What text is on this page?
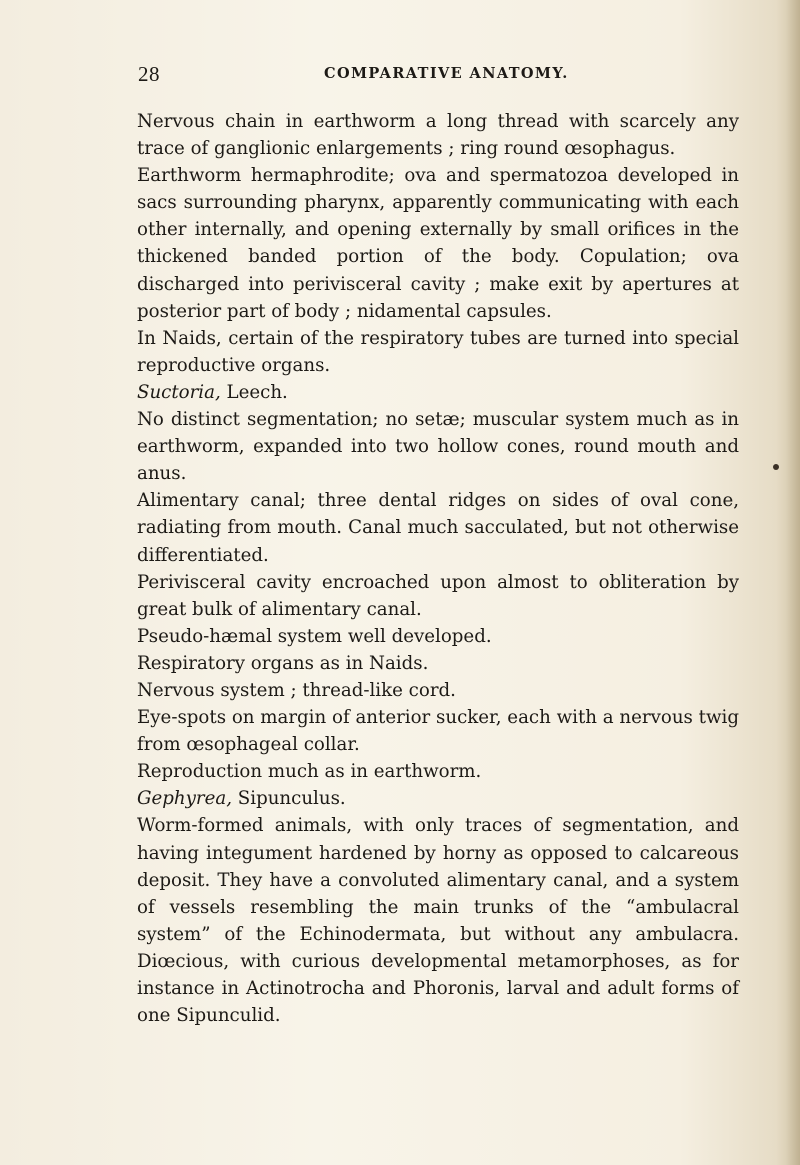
28	COMPARATIVE ANATOMY.

Nervous chain in earthworm a long thread with scarcely any trace of ganglionic enlargements ; ring round œsophagus.

Earthworm hermaphrodite; ova and spermatozoa developed in sacs surrounding pharynx, apparently communicating with each other internally, and opening externally by small orifices in the thickened banded portion of the body. Copulation; ova discharged into perivisceral cavity ; make exit by apertures at posterior part of body ; nidamental capsules.

In Naids, certain of the respiratory tubes are turned into special reproductive organs.

Suctoria, Leech.

No distinct segmentation; no setæ; muscular system much as in earthworm, expanded into two hollow cones, round mouth and anus.

Alimentary canal; three dental ridges on sides of oval cone, radiating from mouth. Canal much sacculated, but not otherwise differentiated.

Perivisceral cavity encroached upon almost to obliteration by great bulk of alimentary canal.

Pseudo-hæmal system well developed.

Respiratory organs as in Naids.

Nervous system ; thread-like cord.

Eye-spots on margin of anterior sucker, each with a nervous twig from œsophageal collar.

Reproduction much as in earthworm.

Gephyrea, Sipunculus.

Worm-formed animals, with only traces of segmentation, and having integument hardened by horny as opposed to calcareous deposit. They have a convoluted alimentary canal, and a system of vessels resembling the main trunks of the “ambulacral system” of the Echinodermata, but without any ambulacra. Diœcious, with curious developmental metamorphoses, as for instance in Actinotrocha and Phoronis, larval and adult forms of one Sipunculid.
